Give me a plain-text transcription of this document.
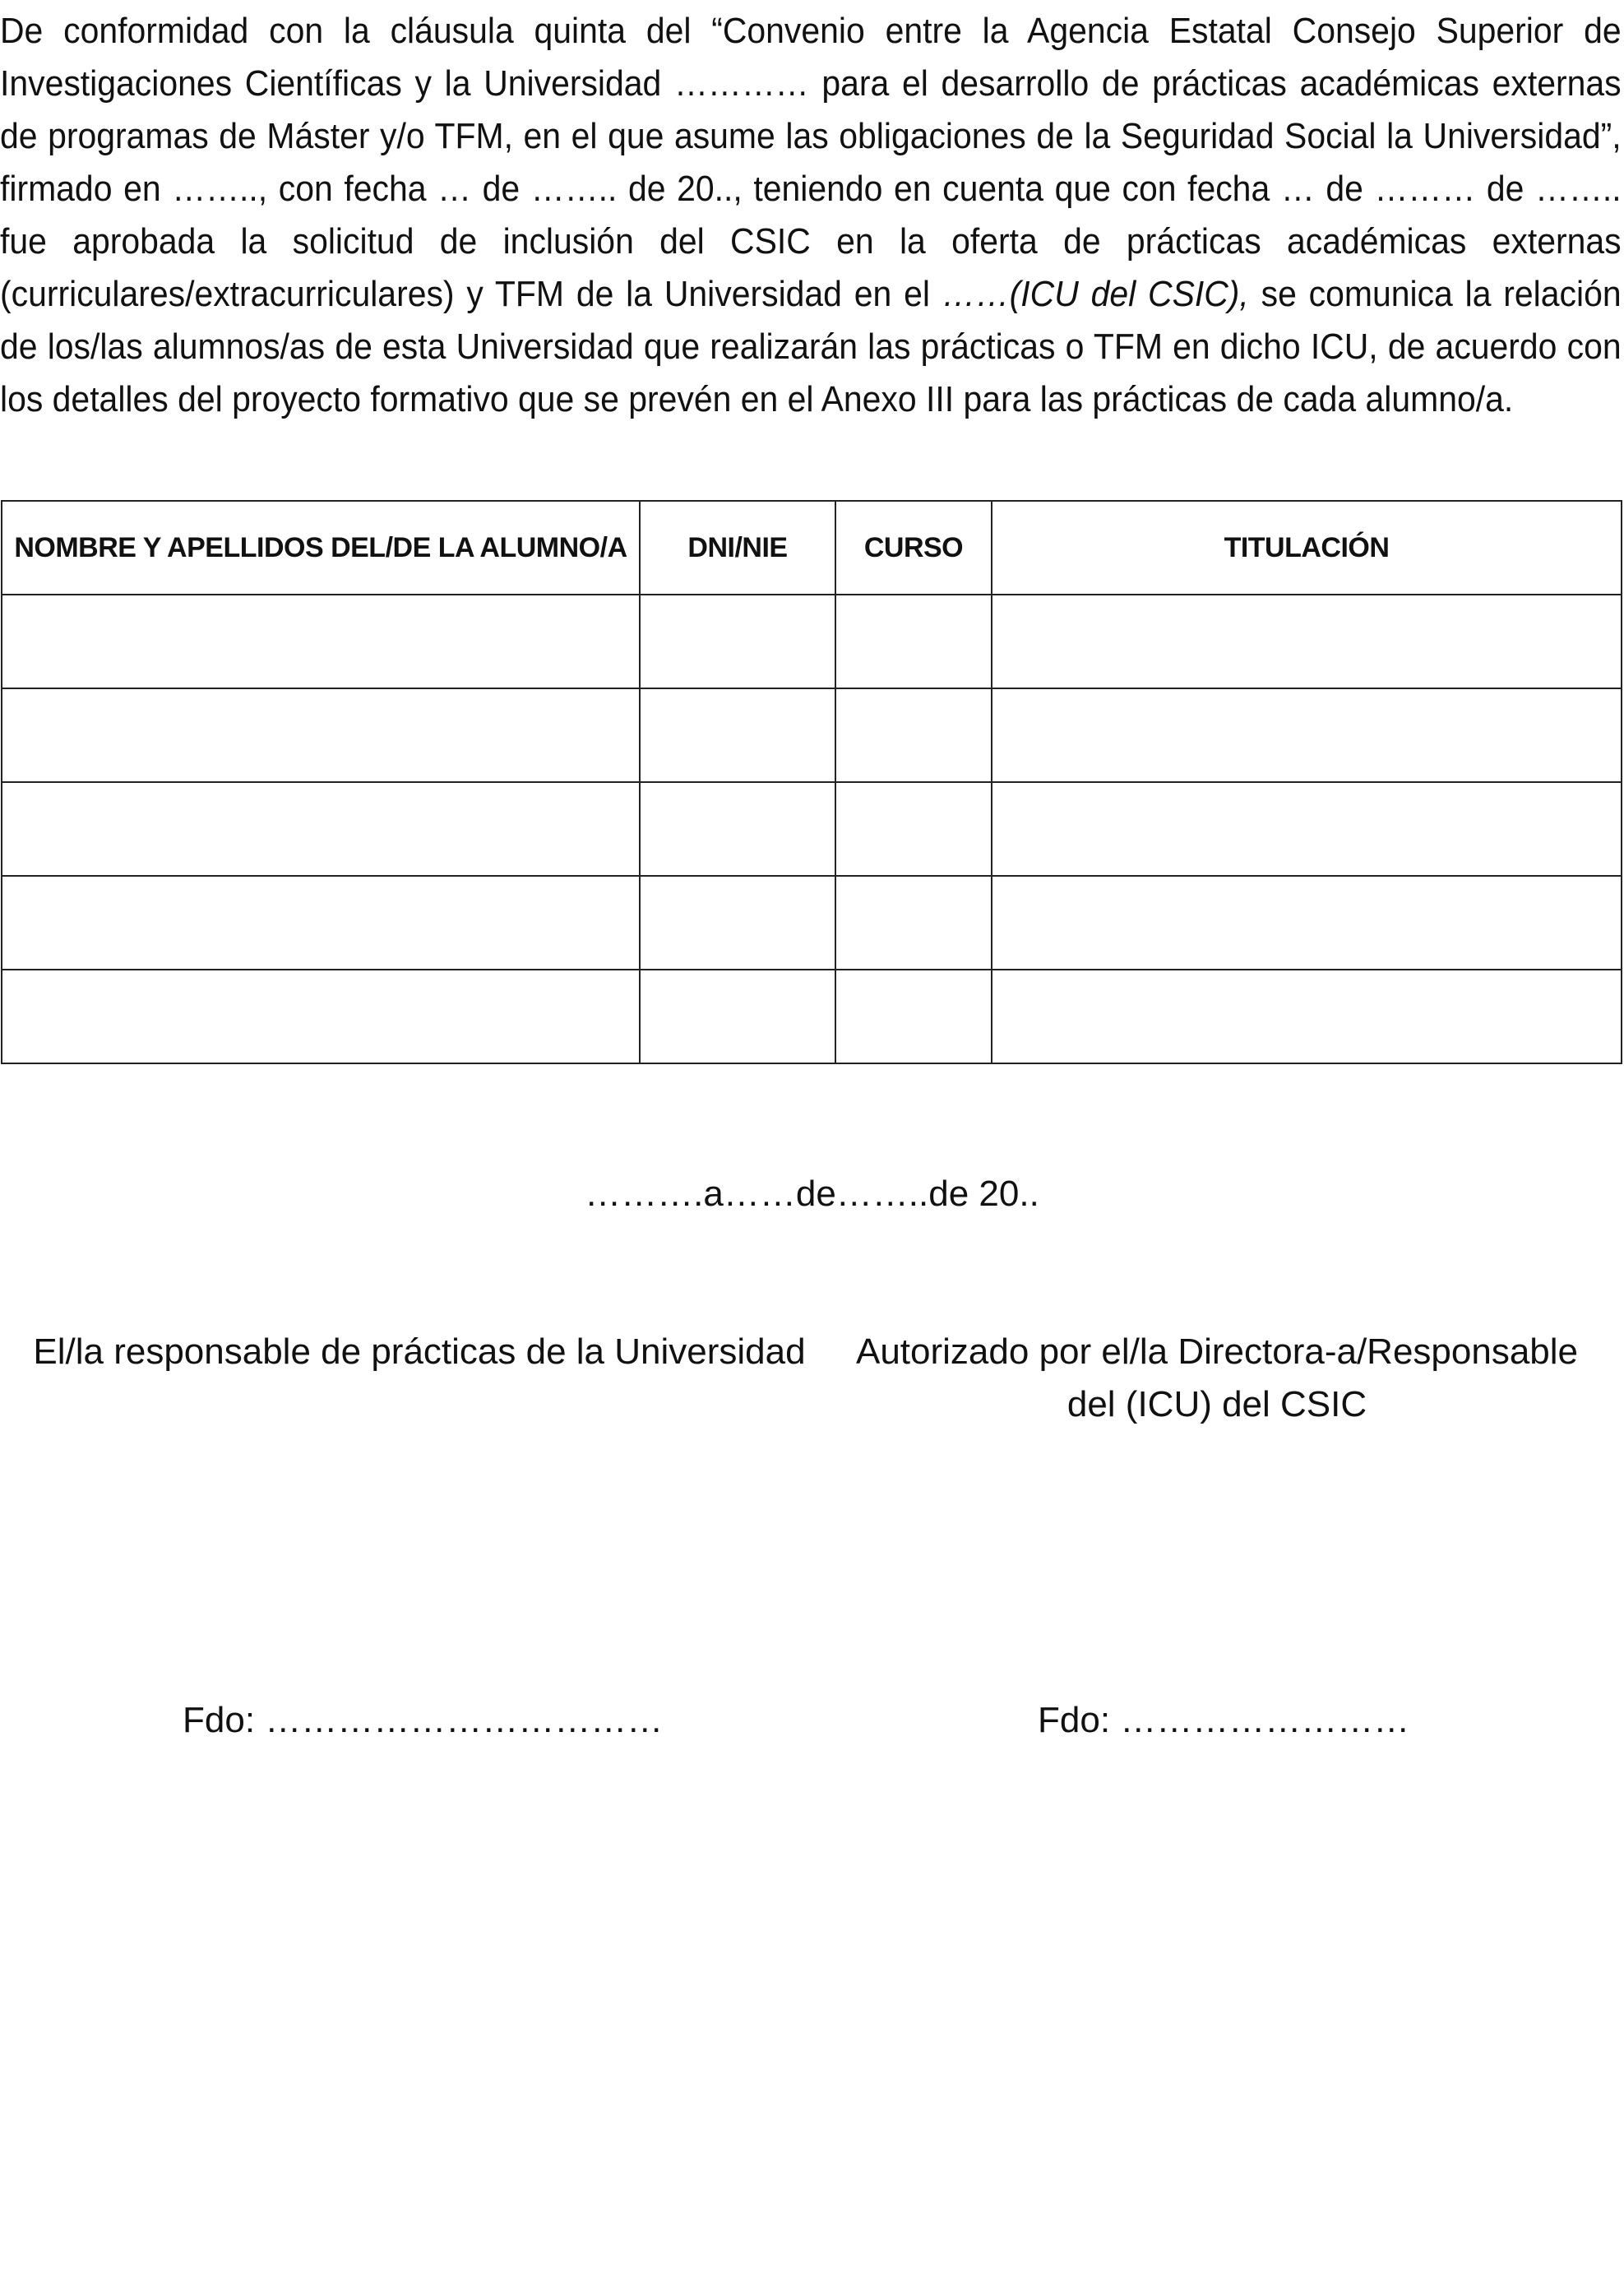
De conformidad con la cláusula quinta del “Convenio entre la Agencia Estatal Consejo Superior de Investigaciones Científicas y la Universidad ………… para el desarrollo de prácticas académicas externas de programas de Máster y/o TFM, en el que asume las obligaciones de la Seguridad Social la Universidad”, firmado en …….., con fecha … de …….. de 20.., teniendo en cuenta que con fecha … de ……… de …….. fue aprobada la solicitud de inclusión del CSIC en la oferta de prácticas académicas externas (curriculares/extracurriculares) y TFM de la Universidad en el ……(ICU del CSIC), se comunica la relación de los/las alumnos/as de esta Universidad que realizarán las prácticas o TFM en dicho ICU, de acuerdo con los detalles del proyecto formativo que se prevén en el Anexo III para las prácticas de cada alumno/a.

NOMBRE Y APELLIDOS DEL/DE LA ALUMNO/A	DNI/NIE	CURSO	TITULACIÓN

……….a……de……..de 20..
El/la responsable de prácticas de la Universidad Autorizado por el/la Directora-a/Responsable del (ICU) del CSIC
Fdo: ……………………………	Fdo: ……………………
